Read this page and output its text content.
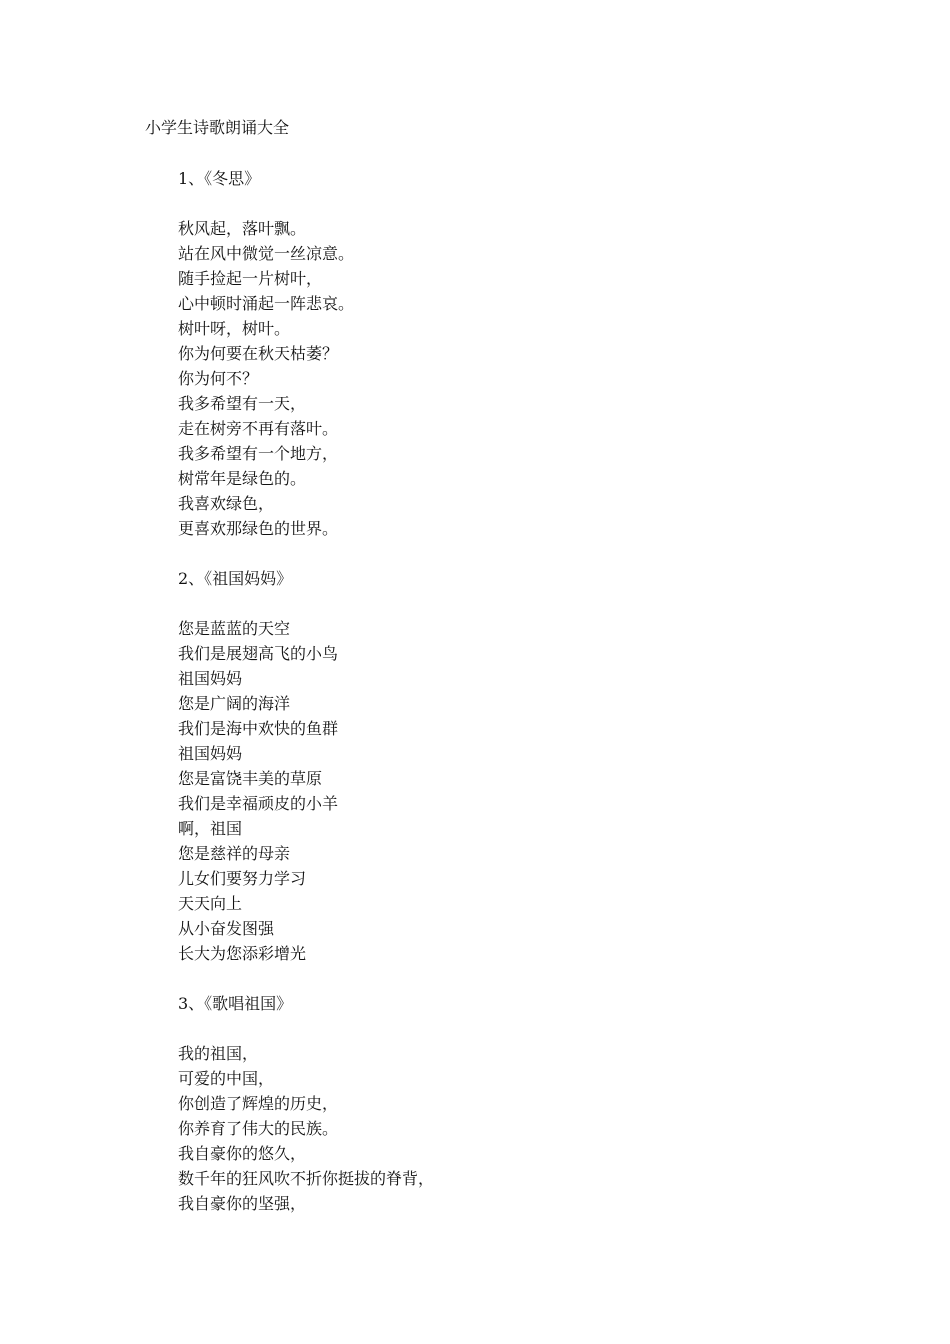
小学生诗歌朗诵大全
1、《冬思》
秋风起，落叶飘。
站在风中微觉一丝凉意。
随手捡起一片树叶，
心中顿时涌起一阵悲哀。
树叶呀，树叶。
你为何要在秋天枯萎？
你为何不？
我多希望有一天，
走在树旁不再有落叶。
我多希望有一个地方，
树常年是绿色的。
我喜欢绿色，
更喜欢那绿色的世界。
2、《祖国妈妈》
您是蓝蓝的天空
我们是展翅高飞的小鸟
祖国妈妈
您是广阔的海洋
我们是海中欢快的鱼群
祖国妈妈
您是富饶丰美的草原
我们是幸福顽皮的小羊
啊，祖国
您是慈祥的母亲
儿女们要努力学习
天天向上
从小奋发图强
长大为您添彩增光
3、《歌唱祖国》
我的祖国，
可爱的中国，
你创造了辉煌的历史，
你养育了伟大的民族。
我自豪你的悠久，
数千年的狂风吹不折你挺拔的脊背，
我自豪你的坚强，
